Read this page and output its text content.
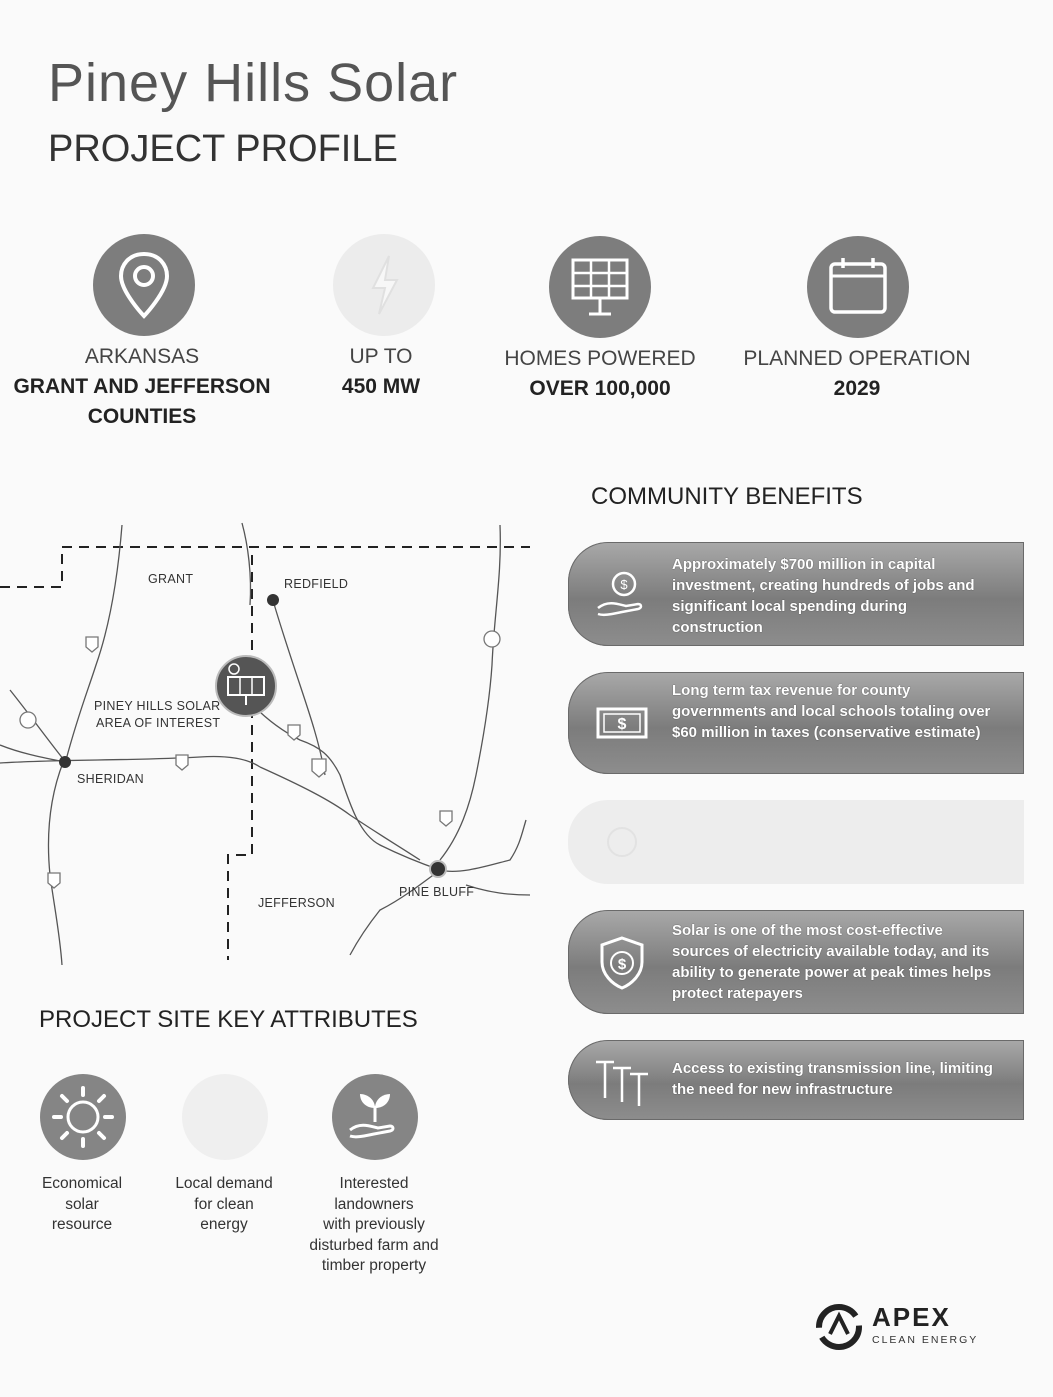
Piney Hills Solar
PROJECT PROFILE
ARKANSAS
GRANT AND JEFFERSON
COUNTIES
UP TO
450 MW
HOMES POWERED
OVER 100,000
PLANNED OPERATION
2029
GRANT	REDFIELD
PINEY HILLS SOLAR
AREA OF INTEREST
SHERIDAN
JEFFERSON
PINE BLUFF
COMMUNITY BENEFITS
$
Approximately $700 million in capital investment, creating hundreds of jobs and significant local spending during construction
$
Long term tax revenue for county governments and local schools totaling over $60 million in taxes (conservative estimate)
$
Solar is one of the most cost-effective sources of electricity available today, and its ability to generate power at peak times helps protect ratepayers
Access to existing transmission line, limiting the need for new infrastructure
PROJECT SITE KEY ATTRIBUTES
Economical
solar
resource
Local demand
for clean
energy
Interested
landowners
with previously
disturbed farm and
timber property
APEX
CLEAN ENERGY
